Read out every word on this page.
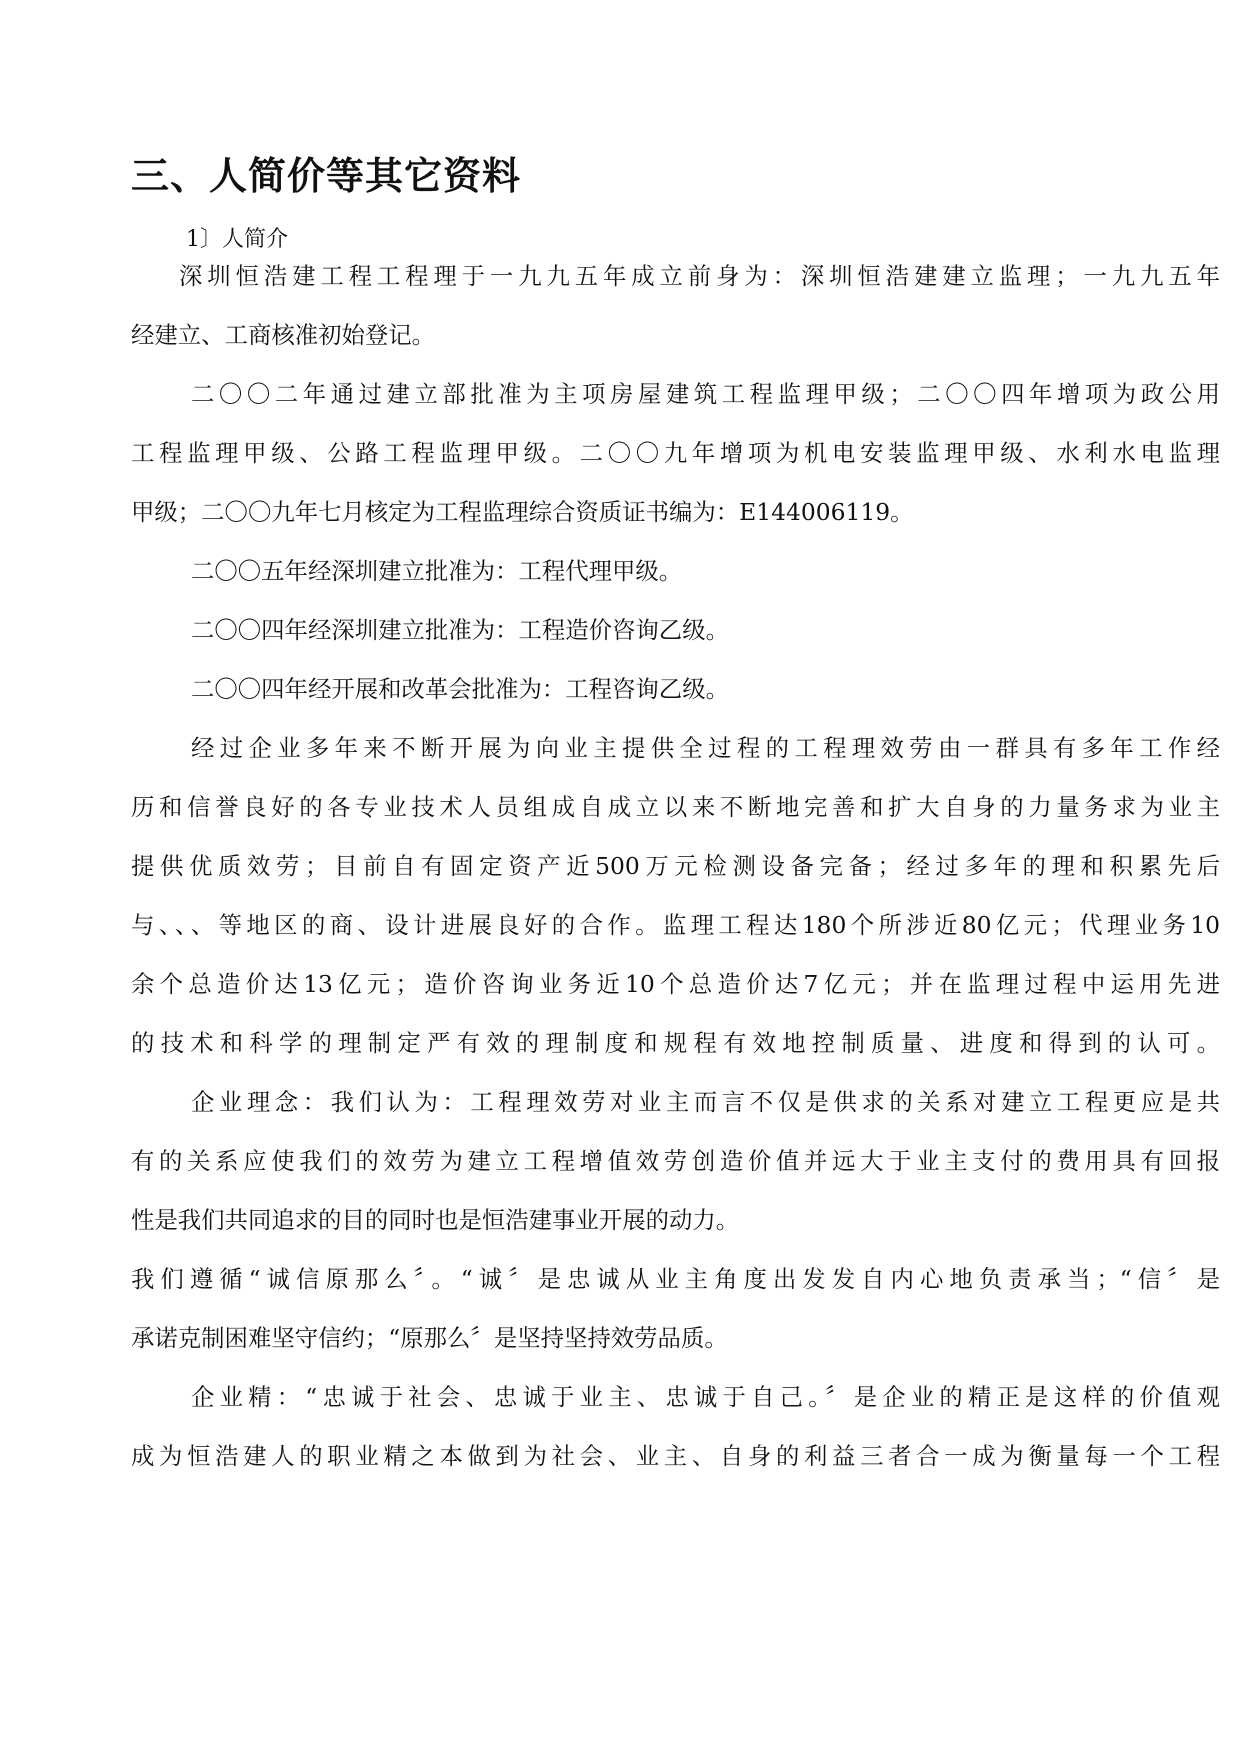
三、人简价等其它资料

1〕人简介

深圳恒浩建工程工程理于一九九五年成立前身为：深圳恒浩建建立监理；一九九五年

经建立、工商核准初始登记。

二〇〇二年通过建立部批准为主项房屋建筑工程监理甲级；二〇〇四年增项为政公用

工程监理甲级、公路工程监理甲级。二〇〇九年增项为机电安装监理甲级、水利水电监理

甲级；二〇〇九年七月核定为工程监理综合资质证书编为：E144006119。

二〇〇五年经深圳建立批准为：工程代理甲级。

二〇〇四年经深圳建立批准为：工程造价咨询乙级。

二〇〇四年经开展和改革会批准为：工程咨询乙级。

经过企业多年来不断开展为向业主提供全过程的工程理效劳由一群具有多年工作经

历和信誉良好的各专业技术人员组成自成立以来不断地完善和扩大自身的力量务求为业主

提供优质效劳；目前自有固定资产近500万元检测设备完备；经过多年的理和积累先后

与、、、等地区的商、设计进展良好的合作。监理工程达180个所涉近80亿元；代理业务10

余个总造价达13亿元；造价咨询业务近10个总造价达7亿元；并在监理过程中运用先进

的技术和科学的理制定严有效的理制度和规程有效地控制质量、进度和得到的认可。

企业理念：我们认为：工程理效劳对业主而言不仅是供求的关系对建立工程更应是共

有的关系应使我们的效劳为建立工程增值效劳创造价值并远大于业主支付的费用具有回报

性是我们共同追求的目的同时也是恒浩建事业开展的动力。

我们遵循“诚信原那么〞。“诚〞是忠诚从业主角度出发发自内心地负责承当；“信〞是

承诺克制困难坚守信约；“原那么〞是坚持坚持效劳品质。

企业精：“忠诚于社会、忠诚于业主、忠诚于自己。〞是企业的精正是这样的价值观

成为恒浩建人的职业精之本做到为社会、业主、自身的利益三者合一成为衡量每一个工程
